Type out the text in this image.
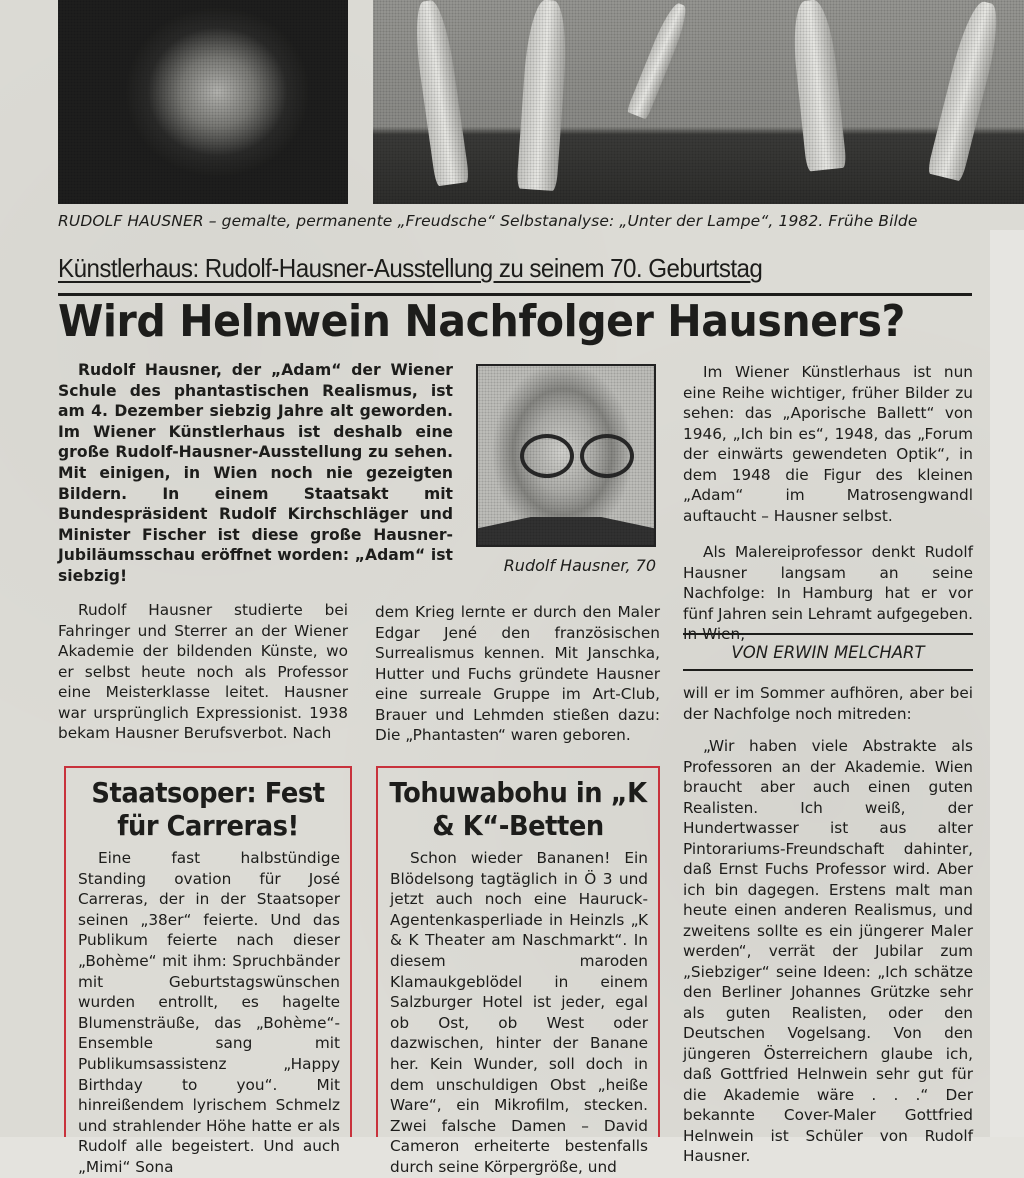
RUDOLF HAUSNER – gemalte, permanente „Freudsche“ Selbstanalyse: „Unter der Lampe“, 1982. Frühe Bilde
Künstlerhaus: Rudolf-Hausner-Ausstellung zu seinem 70. Geburtstag
Wird Helnwein Nachfolger Hausners?

Rudolf Hausner, der „Adam“ der Wiener Schule des phantastischen Realismus, ist am 4. Dezember siebzig Jahre alt geworden. Im Wiener Künstlerhaus ist deshalb eine große Rudolf-Hausner-Ausstellung zu sehen. Mit einigen, in Wien noch nie gezeigten Bildern. In einem Staatsakt mit Bundespräsident Rudolf Kirchschläger und Minister Fischer ist diese große Hausner-Jubiläumsschau eröffnet worden: „Adam“ ist siebzig!

Rudolf Hausner, 70

Rudolf Hausner studierte bei Fahringer und Sterrer an der Wiener Akademie der bildenden Künste, wo er selbst heute noch als Professor eine Meisterklasse leitet. Hausner war ursprünglich Expressionist. 1938 bekam Hausner Berufsverbot. Nach

dem Krieg lernte er durch den Maler Edgar Jené den französischen Surrealismus kennen. Mit Janschka, Hutter und Fuchs gründete Hausner eine surreale Gruppe im Art-Club, Brauer und Lehmden stießen dazu: Die „Phantasten“ waren geboren.

Im Wiener Künstlerhaus ist nun eine Reihe wichtiger, früher Bilder zu sehen: das „Aporische Ballett“ von 1946, „Ich bin es“, 1948, das „Forum der einwärts gewendeten Optik“, in dem 1948 die Figur des kleinen „Adam“ im Matrosengwandl auftaucht – Hausner selbst.

Als Malereiprofessor denkt Rudolf Hausner langsam an seine Nachfolge: In Hamburg hat er vor fünf Jahren sein Lehramt aufgegeben. In Wien,

VON ERWIN MELCHART

will er im Sommer aufhören, aber bei der Nachfolge noch mitreden:

„Wir haben viele Abstrakte als Professoren an der Akademie. Wien braucht aber auch einen guten Realisten. Ich weiß, der Hundertwasser ist aus alter Pintorariums-Freundschaft dahinter, daß Ernst Fuchs Professor wird. Aber ich bin dagegen. Erstens malt man heute einen anderen Realismus, und zweitens sollte es ein jüngerer Maler werden“, verrät der Jubilar zum „Siebziger“ seine Ideen: „Ich schätze den Berliner Johannes Grützke sehr als guten Realisten, oder den Deutschen Vogelsang. Von den jüngeren Österreichern glaube ich, daß Gottfried Helnwein sehr gut für die Akademie wäre . . .“ Der bekannte Cover-Maler Gottfried Helnwein ist Schüler von Rudolf Hausner.

Staatsoper: Fest für Carreras!

Eine fast halbstündige Standing ovation für José Carreras, der in der Staatsoper seinen „38er“ feierte. Und das Publikum feierte nach dieser „Bohème“ mit ihm: Spruchbänder mit Geburtstagswünschen wurden entrollt, es hagelte Blumensträuße, das „Bohème“-Ensemble sang mit Publikumsassistenz „Happy Birthday to you“. Mit hinreißendem lyrischem Schmelz und strahlender Höhe hatte er als Rudolf alle begeistert. Und auch „Mimi“ Sona

Tohuwabohu in „K & K“-Betten

Schon wieder Bananen! Ein Blödelsong tagtäglich in Ö 3 und jetzt auch noch eine Hauruck-Agentenkasperliade in Heinzls „K & K Theater am Naschmarkt“. In diesem maroden Klamaukgeblödel in einem Salzburger Hotel ist jeder, egal ob Ost, ob West oder dazwischen, hinter der Banane her. Kein Wunder, soll doch in dem unschuldigen Obst „heiße Ware“, ein Mikrofilm, stecken. Zwei falsche Damen – David Cameron erheiterte bestenfalls durch seine Körpergröße, und
